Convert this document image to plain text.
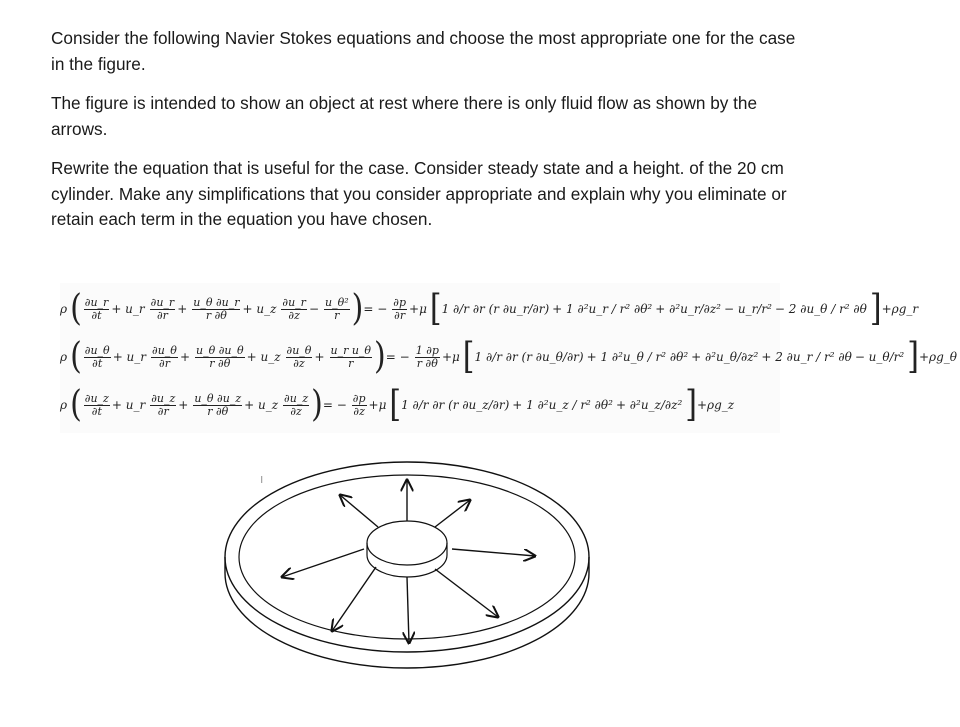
Consider the following Navier Stokes equations and choose the most appropriate one for the case in the figure.

The figure is intended to show an object at rest where there is only fluid flow as shown by the arrows.

Rewrite the equation that is useful for the case. Consider steady state and a height. of the 20 cm cylinder. Make any simplifications that you consider appropriate and explain why you eliminate or retain each term in the equation you have chosen.

ρ ( $\frac{\partial u\_r}{\partial t}$ + u_r $\frac{\partial u\_r}{\partial r} + \frac{u\_\theta \partial u\_r}{r \partial\theta}$ + u_z $\frac{\partial u\_r}{\partial z} - \frac{\text{u\_θ²}}{r}$ ) = − $\frac{\partial p}{\partial r} +\mu$ [ 1 ∂/r ∂r (r ∂u_r/∂r) + 1 ∂²u_r / r² ∂θ² + ∂²u_r/∂z² − u_r/r² − 2 ∂u_θ / r² ∂θ ] +ρg_r
ρ ( $\frac{\partial u\_\theta}{\partial t}$ + u_r $\frac{\partial u\_\theta}{\partial r} + \frac{u\_\theta \partial u\_\theta}{r \partial\theta}$ + u_z $\frac{\partial u\_\theta}{\partial z} + \frac{\text{u\_r u\_θ}}{r}$ ) = − $\frac{1 \partial p}{r \partial\theta} +\mu$ [ 1 ∂/r ∂r (r ∂u_θ/∂r) + 1 ∂²u_θ / r² ∂θ² + ∂²u_θ/∂z² + 2 ∂u_r / r² ∂θ − u_θ/r² ] +ρg_θ
ρ ( $\frac{\partial u\_z}{\partial t}$ + u_r $\frac{\partial u\_z}{\partial r} + \frac{u\_\theta \partial u\_z}{r \partial\theta}$ + u_z $\frac{\partial u\_z}{\partial z}$ ) = − $\frac{\partial p}{\partial z} +\mu$ [ 1 ∂/r ∂r (r ∂u_z/∂r) + 1 ∂²u_z / r² ∂θ² + ∂²u_z/∂z² ] +ρg_z
ı
